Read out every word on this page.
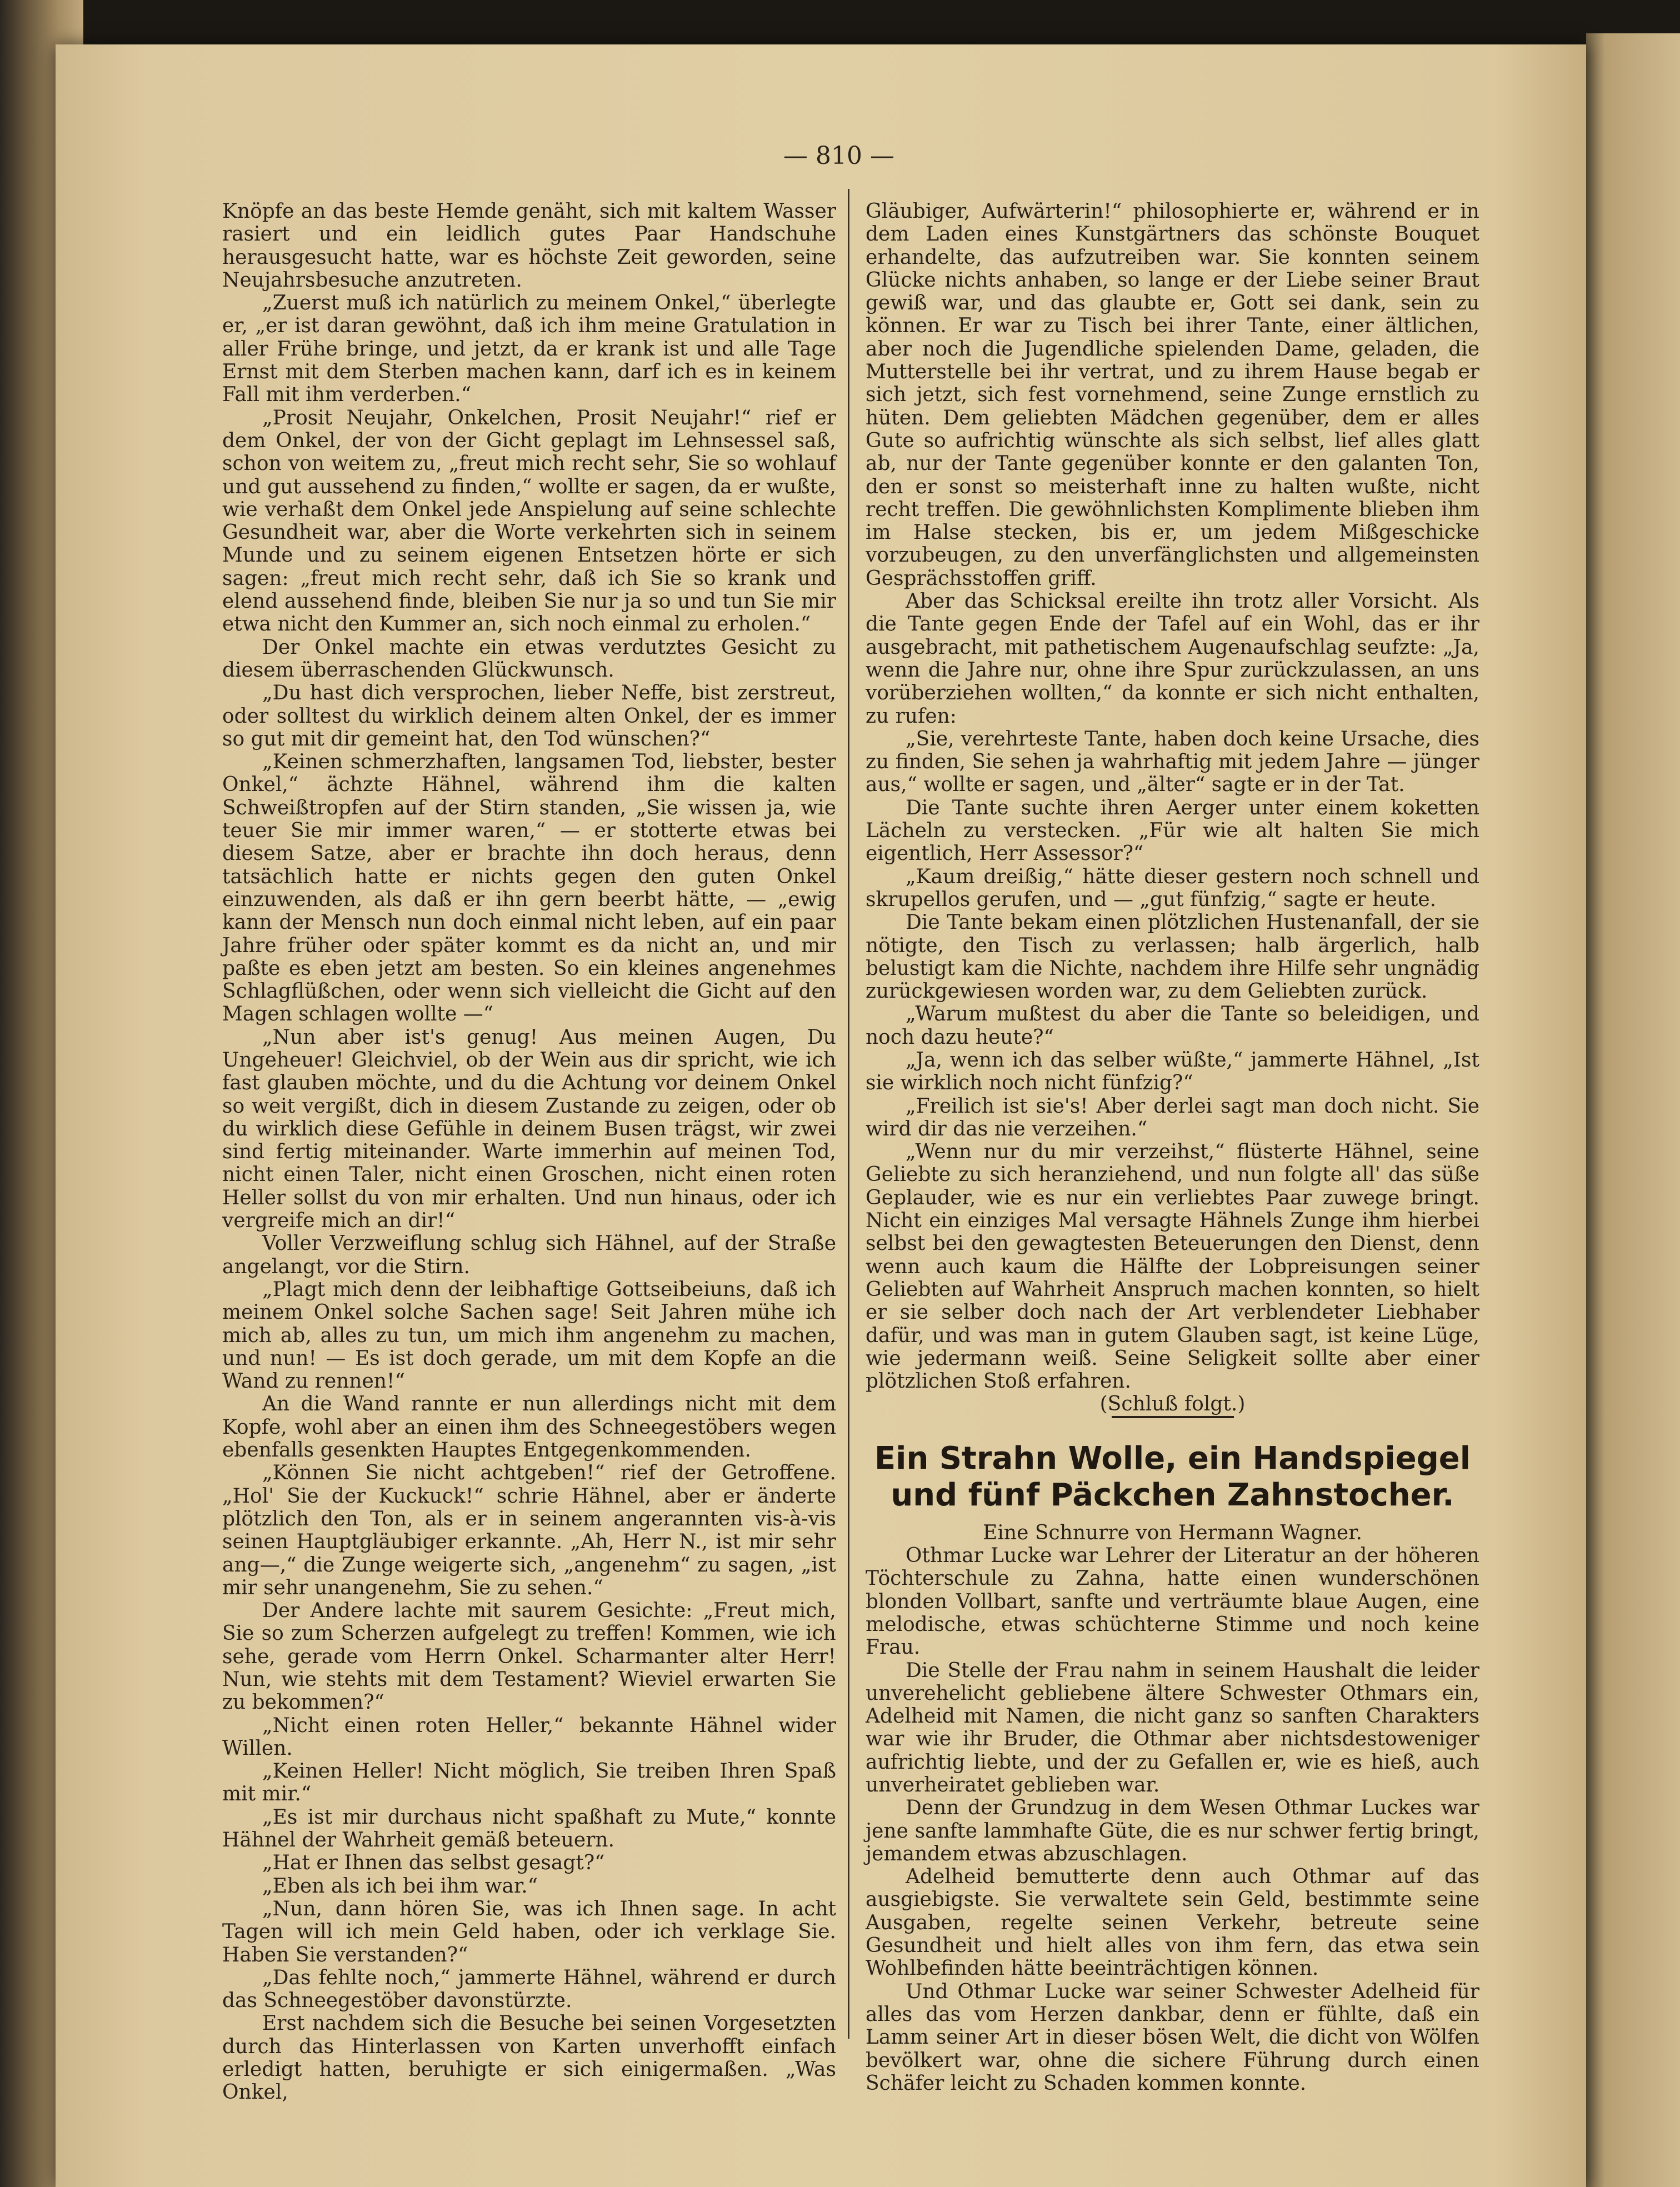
— 810 —

Knöpfe an das beste Hemde genäht, sich mit kaltem Wasser rasiert und ein leidlich gutes Paar Handschuhe herausgesucht hatte, war es höchste Zeit geworden, seine Neujahrsbesuche anzutreten.

„Zuerst muß ich natürlich zu meinem Onkel,“ überlegte er, „er ist daran gewöhnt, daß ich ihm meine Gratulation in aller Frühe bringe, und jetzt, da er krank ist und alle Tage Ernst mit dem Sterben machen kann, darf ich es in keinem Fall mit ihm verderben.“

„Prosit Neujahr, Onkelchen, Prosit Neujahr!“ rief er dem Onkel, der von der Gicht geplagt im Lehnsessel saß, schon von weitem zu, „freut mich recht sehr, Sie so wohlauf und gut aussehend zu finden,“ wollte er sagen, da er wußte, wie verhaßt dem Onkel jede Anspielung auf seine schlechte Gesundheit war, aber die Worte verkehrten sich in seinem Munde und zu seinem eigenen Entsetzen hörte er sich sagen: „freut mich recht sehr, daß ich Sie so krank und elend aussehend finde, bleiben Sie nur ja so und tun Sie mir etwa nicht den Kummer an, sich noch einmal zu erholen.“

Der Onkel machte ein etwas verdutztes Gesicht zu diesem überraschenden Glückwunsch.

„Du hast dich versprochen, lieber Neffe, bist zerstreut, oder solltest du wirklich deinem alten Onkel, der es immer so gut mit dir gemeint hat, den Tod wünschen?“

„Keinen schmerzhaften, langsamen Tod, liebster, bester Onkel,“ ächzte Hähnel, während ihm die kalten Schweißtropfen auf der Stirn standen, „Sie wissen ja, wie teuer Sie mir immer waren,“ — er stotterte etwas bei diesem Satze, aber er brachte ihn doch heraus, denn tatsächlich hatte er nichts gegen den guten Onkel einzuwenden, als daß er ihn gern beerbt hätte, — „ewig kann der Mensch nun doch einmal nicht leben, auf ein paar Jahre früher oder später kommt es da nicht an, und mir paßte es eben jetzt am besten. So ein kleines angenehmes Schlagflüßchen, oder wenn sich vielleicht die Gicht auf den Magen schlagen wollte —“

„Nun aber ist's genug! Aus meinen Augen, Du Ungeheuer! Gleichviel, ob der Wein aus dir spricht, wie ich fast glauben möchte, und du die Achtung vor deinem Onkel so weit vergißt, dich in diesem Zustande zu zeigen, oder ob du wirklich diese Gefühle in deinem Busen trägst, wir zwei sind fertig miteinander. Warte immerhin auf meinen Tod, nicht einen Taler, nicht einen Groschen, nicht einen roten Heller sollst du von mir erhalten. Und nun hinaus, oder ich vergreife mich an dir!“

Voller Verzweiflung schlug sich Hähnel, auf der Straße angelangt, vor die Stirn.

„Plagt mich denn der leibhaftige Gottseibeiuns, daß ich meinem Onkel solche Sachen sage! Seit Jahren mühe ich mich ab, alles zu tun, um mich ihm angenehm zu machen, und nun! — Es ist doch gerade, um mit dem Kopfe an die Wand zu rennen!“

An die Wand rannte er nun allerdings nicht mit dem Kopfe, wohl aber an einen ihm des Schneegestöbers wegen ebenfalls gesenkten Hauptes Entgegenkommenden.

„Können Sie nicht achtgeben!“ rief der Getroffene. „Hol' Sie der Kuckuck!“ schrie Hähnel, aber er änderte plötzlich den Ton, als er in seinem angerannten vis-à-vis seinen Hauptgläubiger erkannte. „Ah, Herr N., ist mir sehr ang—,“ die Zunge weigerte sich, „angenehm“ zu sagen, „ist mir sehr unangenehm, Sie zu sehen.“

Der Andere lachte mit saurem Gesichte: „Freut mich, Sie so zum Scherzen aufgelegt zu treffen! Kommen, wie ich sehe, gerade vom Herrn Onkel. Scharmanter alter Herr! Nun, wie stehts mit dem Testament? Wieviel erwarten Sie zu bekommen?“

„Nicht einen roten Heller,“ bekannte Hähnel wider Willen.

„Keinen Heller! Nicht möglich, Sie treiben Ihren Spaß mit mir.“

„Es ist mir durchaus nicht spaßhaft zu Mute,“ konnte Hähnel der Wahrheit gemäß beteuern.

„Hat er Ihnen das selbst gesagt?“

„Eben als ich bei ihm war.“

„Nun, dann hören Sie, was ich Ihnen sage. In acht Tagen will ich mein Geld haben, oder ich verklage Sie. Haben Sie verstanden?“

„Das fehlte noch,“ jammerte Hähnel, während er durch das Schneegestöber davonstürzte.

Erst nachdem sich die Besuche bei seinen Vorgesetzten durch das Hinterlassen von Karten unverhofft einfach erledigt hatten, beruhigte er sich einigermaßen. „Was Onkel,

Gläubiger, Aufwärterin!“ philosophierte er, während er in dem Laden eines Kunstgärtners das schönste Bouquet erhandelte, das aufzutreiben war. Sie konnten seinem Glücke nichts anhaben, so lange er der Liebe seiner Braut gewiß war, und das glaubte er, Gott sei dank, sein zu können. Er war zu Tisch bei ihrer Tante, einer ältlichen, aber noch die Jugendliche spielenden Dame, geladen, die Mutterstelle bei ihr vertrat, und zu ihrem Hause begab er sich jetzt, sich fest vornehmend, seine Zunge ernstlich zu hüten. Dem geliebten Mädchen gegenüber, dem er alles Gute so aufrichtig wünschte als sich selbst, lief alles glatt ab, nur der Tante gegenüber konnte er den galanten Ton, den er sonst so meisterhaft inne zu halten wußte, nicht recht treffen. Die gewöhnlichsten Komplimente blieben ihm im Halse stecken, bis er, um jedem Mißgeschicke vorzubeugen, zu den unverfänglichsten und allgemeinsten Gesprächsstoffen griff.

Aber das Schicksal ereilte ihn trotz aller Vorsicht. Als die Tante gegen Ende der Tafel auf ein Wohl, das er ihr ausgebracht, mit pathetischem Augenaufschlag seufzte: „Ja, wenn die Jahre nur, ohne ihre Spur zurückzulassen, an uns vorüberziehen wollten,“ da konnte er sich nicht enthalten, zu rufen:

„Sie, verehrteste Tante, haben doch keine Ursache, dies zu finden, Sie sehen ja wahrhaftig mit jedem Jahre — jünger aus,“ wollte er sagen, und „älter“ sagte er in der Tat.

Die Tante suchte ihren Aerger unter einem koketten Lächeln zu verstecken. „Für wie alt halten Sie mich eigentlich, Herr Assessor?“

„Kaum dreißig,“ hätte dieser gestern noch schnell und skrupellos gerufen, und — „gut fünfzig,“ sagte er heute.

Die Tante bekam einen plötzlichen Hustenanfall, der sie nötigte, den Tisch zu verlassen; halb ärgerlich, halb belustigt kam die Nichte, nachdem ihre Hilfe sehr ungnädig zurückgewiesen worden war, zu dem Geliebten zurück.

„Warum mußtest du aber die Tante so beleidigen, und noch dazu heute?“

„Ja, wenn ich das selber wüßte,“ jammerte Hähnel, „Ist sie wirklich noch nicht fünfzig?“

„Freilich ist sie's! Aber derlei sagt man doch nicht. Sie wird dir das nie verzeihen.“

„Wenn nur du mir verzeihst,“ flüsterte Hähnel, seine Geliebte zu sich heranziehend, und nun folgte all' das süße Geplauder, wie es nur ein verliebtes Paar zuwege bringt. Nicht ein einziges Mal versagte Hähnels Zunge ihm hierbei selbst bei den gewagtesten Beteuerungen den Dienst, denn wenn auch kaum die Hälfte der Lobpreisungen seiner Geliebten auf Wahrheit Anspruch machen konnten, so hielt er sie selber doch nach der Art verblendeter Liebhaber dafür, und was man in gutem Glauben sagt, ist keine Lüge, wie jedermann weiß. Seine Seligkeit sollte aber einer plötzlichen Stoß erfahren.

(Schluß folgt.)

Ein Strahn Wolle, ein Handspiegel und fünf Päckchen Zahnstocher.

Eine Schnurre von Hermann Wagner.

Othmar Lucke war Lehrer der Literatur an der höheren Töchterschule zu Zahna, hatte einen wunderschönen blonden Vollbart, sanfte und verträumte blaue Augen, eine melodische, etwas schüchterne Stimme und noch keine Frau.

Die Stelle der Frau nahm in seinem Haushalt die leider unverehelicht gebliebene ältere Schwester Othmars ein, Adelheid mit Namen, die nicht ganz so sanften Charakters war wie ihr Bruder, die Othmar aber nichtsdestoweniger aufrichtig liebte, und der zu Gefallen er, wie es hieß, auch unverheiratet geblieben war.

Denn der Grundzug in dem Wesen Othmar Luckes war jene sanfte lammhafte Güte, die es nur schwer fertig bringt, jemandem etwas abzuschlagen.

Adelheid bemutterte denn auch Othmar auf das ausgiebigste. Sie verwaltete sein Geld, bestimmte seine Ausgaben, regelte seinen Verkehr, betreute seine Gesundheit und hielt alles von ihm fern, das etwa sein Wohlbefinden hätte beeinträchtigen können.

Und Othmar Lucke war seiner Schwester Adelheid für alles das vom Herzen dankbar, denn er fühlte, daß ein Lamm seiner Art in dieser bösen Welt, die dicht von Wölfen bevölkert war, ohne die sichere Führung durch einen Schäfer leicht zu Schaden kommen konnte.
